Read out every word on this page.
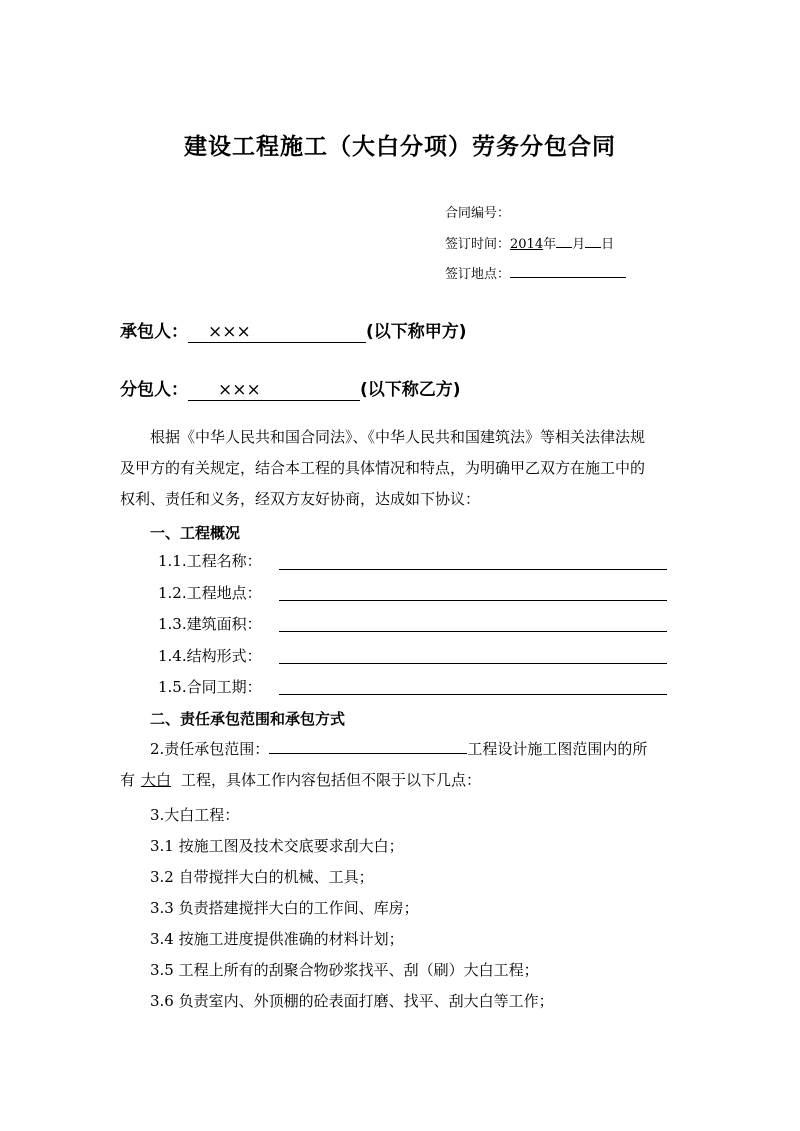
建设工程施工（大白分项）劳务分包合同
合同编号：
签订时间：2014年 月 日
签订地点：
承包人： ×××	(以下称甲方)
分包人： ×××	(以下称乙方)
根据《中华人民共和国合同法》、《中华人民共和国建筑法》等相关法律法规
及甲方的有关规定，结合本工程的具体情况和特点，为明确甲乙双方在施工中的
权利、责任和义务，经双方友好协商，达成如下协议：
一、工程概况
1.1.工程名称：
1.2.工程地点：
1.3.建筑面积：
1.4.结构形式：
1.5.合同工期：
二、责任承包范围和承包方式
2.责任承包范围：	工程设计施工图范围内的所
有 大白 工程，具体工作内容包括但不限于以下几点：
3.大白工程：
3.1 按施工图及技术交底要求刮大白；
3.2 自带搅拌大白的机械、工具；
3.3 负责搭建搅拌大白的工作间、库房；
3.4 按施工进度提供准确的材料计划；
3.5 工程上所有的刮聚合物砂浆找平、刮（刷）大白工程；
3.6 负责室内、外顶棚的砼表面打磨、找平、刮大白等工作；
